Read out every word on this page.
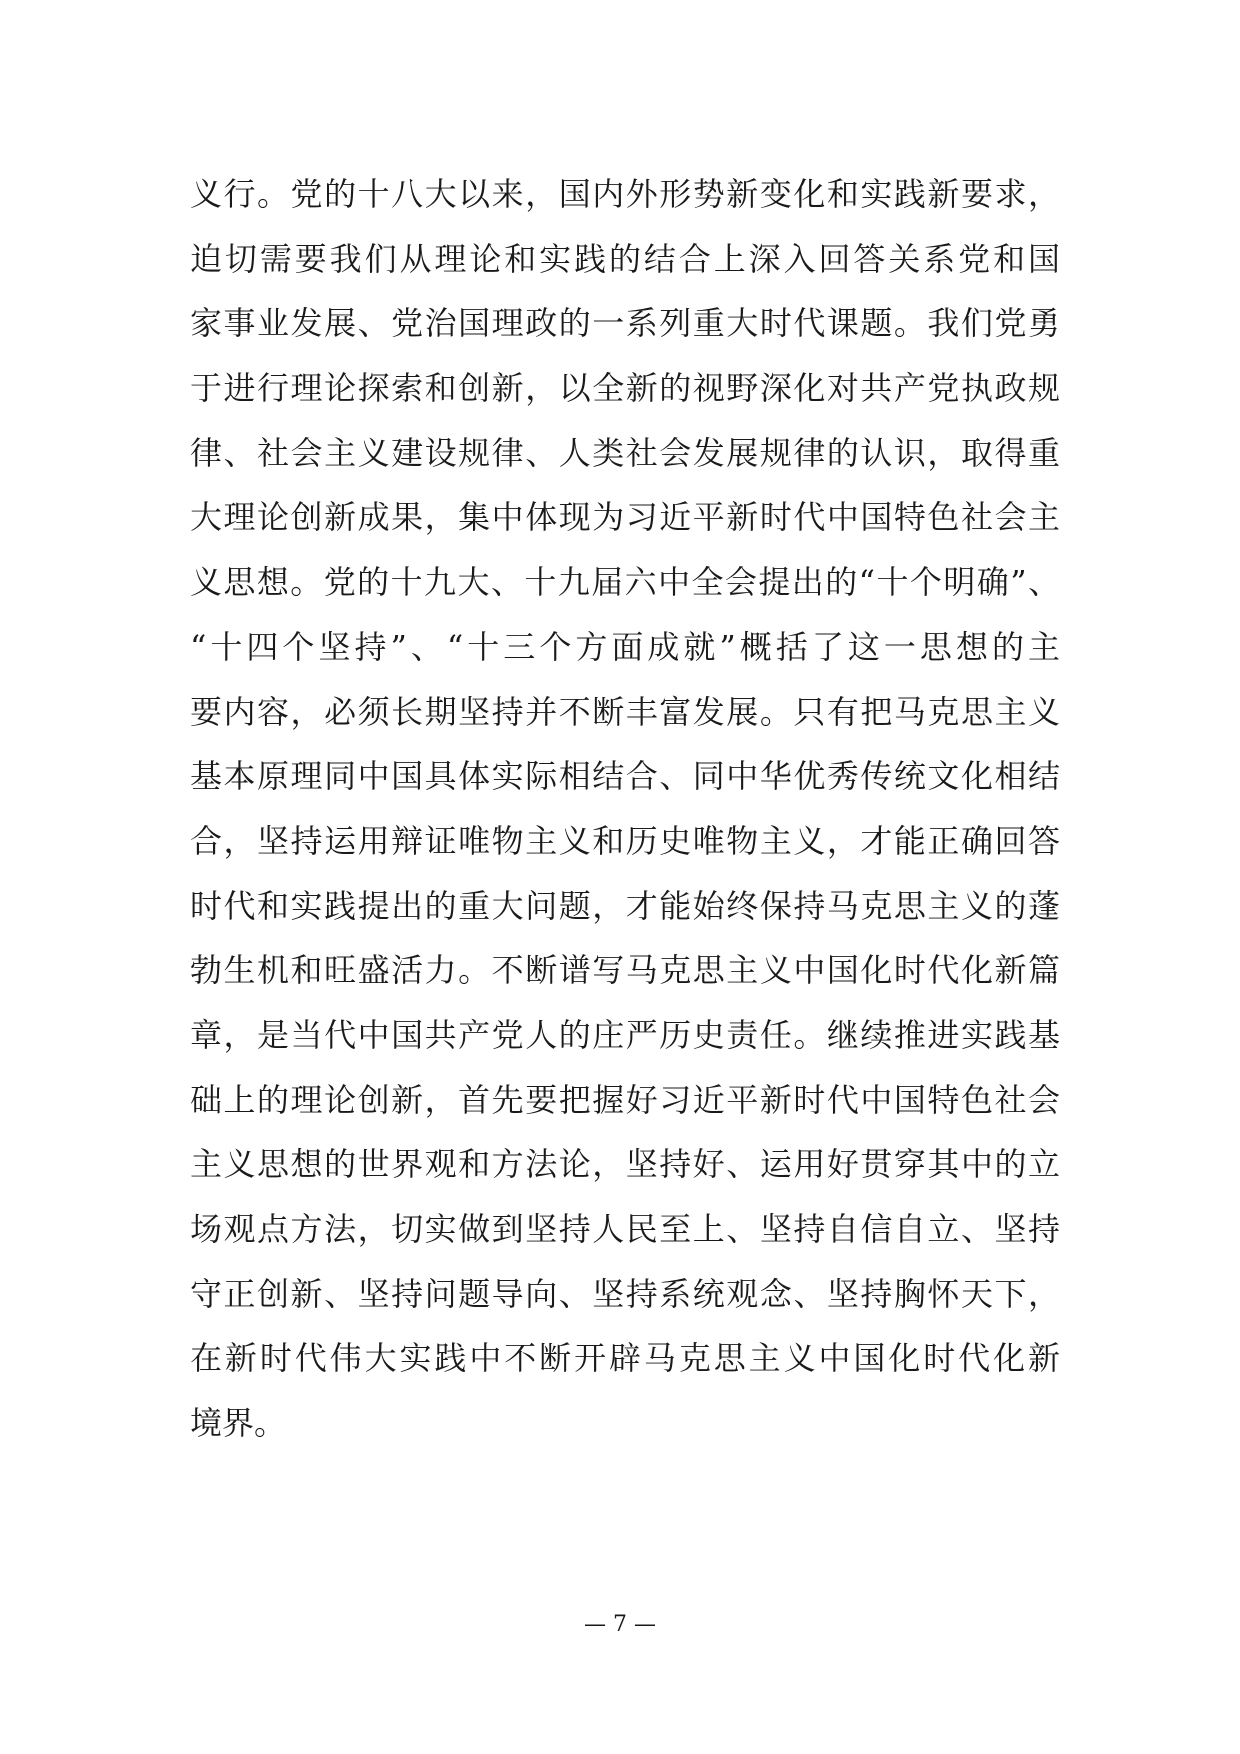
义行。党的十八大以来，国内外形势新变化和实践新要求，
迫切需要我们从理论和实践的结合上深入回答关系党和国
家事业发展、党治国理政的一系列重大时代课题。我们党勇
于进行理论探索和创新，以全新的视野深化对共产党执政规
律、社会主义建设规律、人类社会发展规律的认识，取得重
大理论创新成果，集中体现为习近平新时代中国特色社会主
义思想。党的十九大、十九届六中全会提出的“十个明确”、
“十四个坚持”、“十三个方面成就”概括了这一思想的主
要内容，必须长期坚持并不断丰富发展。只有把马克思主义
基本原理同中国具体实际相结合、同中华优秀传统文化相结
合，坚持运用辩证唯物主义和历史唯物主义，才能正确回答
时代和实践提出的重大问题，才能始终保持马克思主义的蓬
勃生机和旺盛活力。不断谱写马克思主义中国化时代化新篇
章，是当代中国共产党人的庄严历史责任。继续推进实践基
础上的理论创新，首先要把握好习近平新时代中国特色社会
主义思想的世界观和方法论，坚持好、运用好贯穿其中的立
场观点方法，切实做到坚持人民至上、坚持自信自立、坚持
守正创新、坚持问题导向、坚持系统观念、坚持胸怀天下，
在新时代伟大实践中不断开辟马克思主义中国化时代化新
境界。
— 7 —
